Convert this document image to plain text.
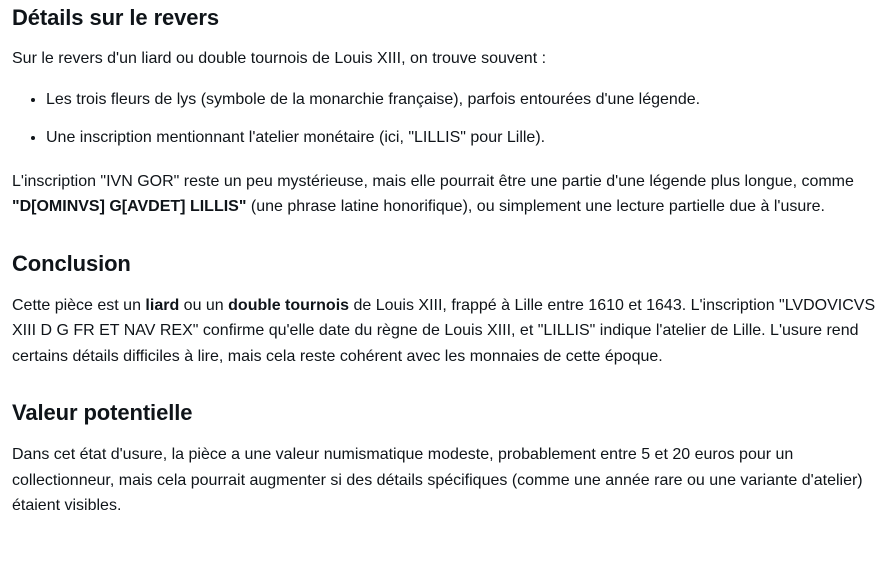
Détails sur le revers

Sur le revers d'un liard ou double tournois de Louis XIII, on trouve souvent :

• Les trois fleurs de lys (symbole de la monarchie française), parfois entourées d'une légende.
• Une inscription mentionnant l'atelier monétaire (ici, "LILLIS" pour Lille).

L'inscription "IVN GOR" reste un peu mystérieuse, mais elle pourrait être une partie d'une légende plus longue, comme "D[OMINVS] G[AVDET] LILLIS" (une phrase latine honorifique), ou simplement une lecture partielle due à l'usure.

Conclusion

Cette pièce est un liard ou un double tournois de Louis XIII, frappé à Lille entre 1610 et 1643. L'inscription "LVDOVICVS XIII D G FR ET NAV REX" confirme qu'elle date du règne de Louis XIII, et "LILLIS" indique l'atelier de Lille. L'usure rend certains détails difficiles à lire, mais cela reste cohérent avec les monnaies de cette époque.

Valeur potentielle

Dans cet état d'usure, la pièce a une valeur numismatique modeste, probablement entre 5 et 20 euros pour un collectionneur, mais cela pourrait augmenter si des détails spécifiques (comme une année rare ou une variante d'atelier) étaient visibles.
